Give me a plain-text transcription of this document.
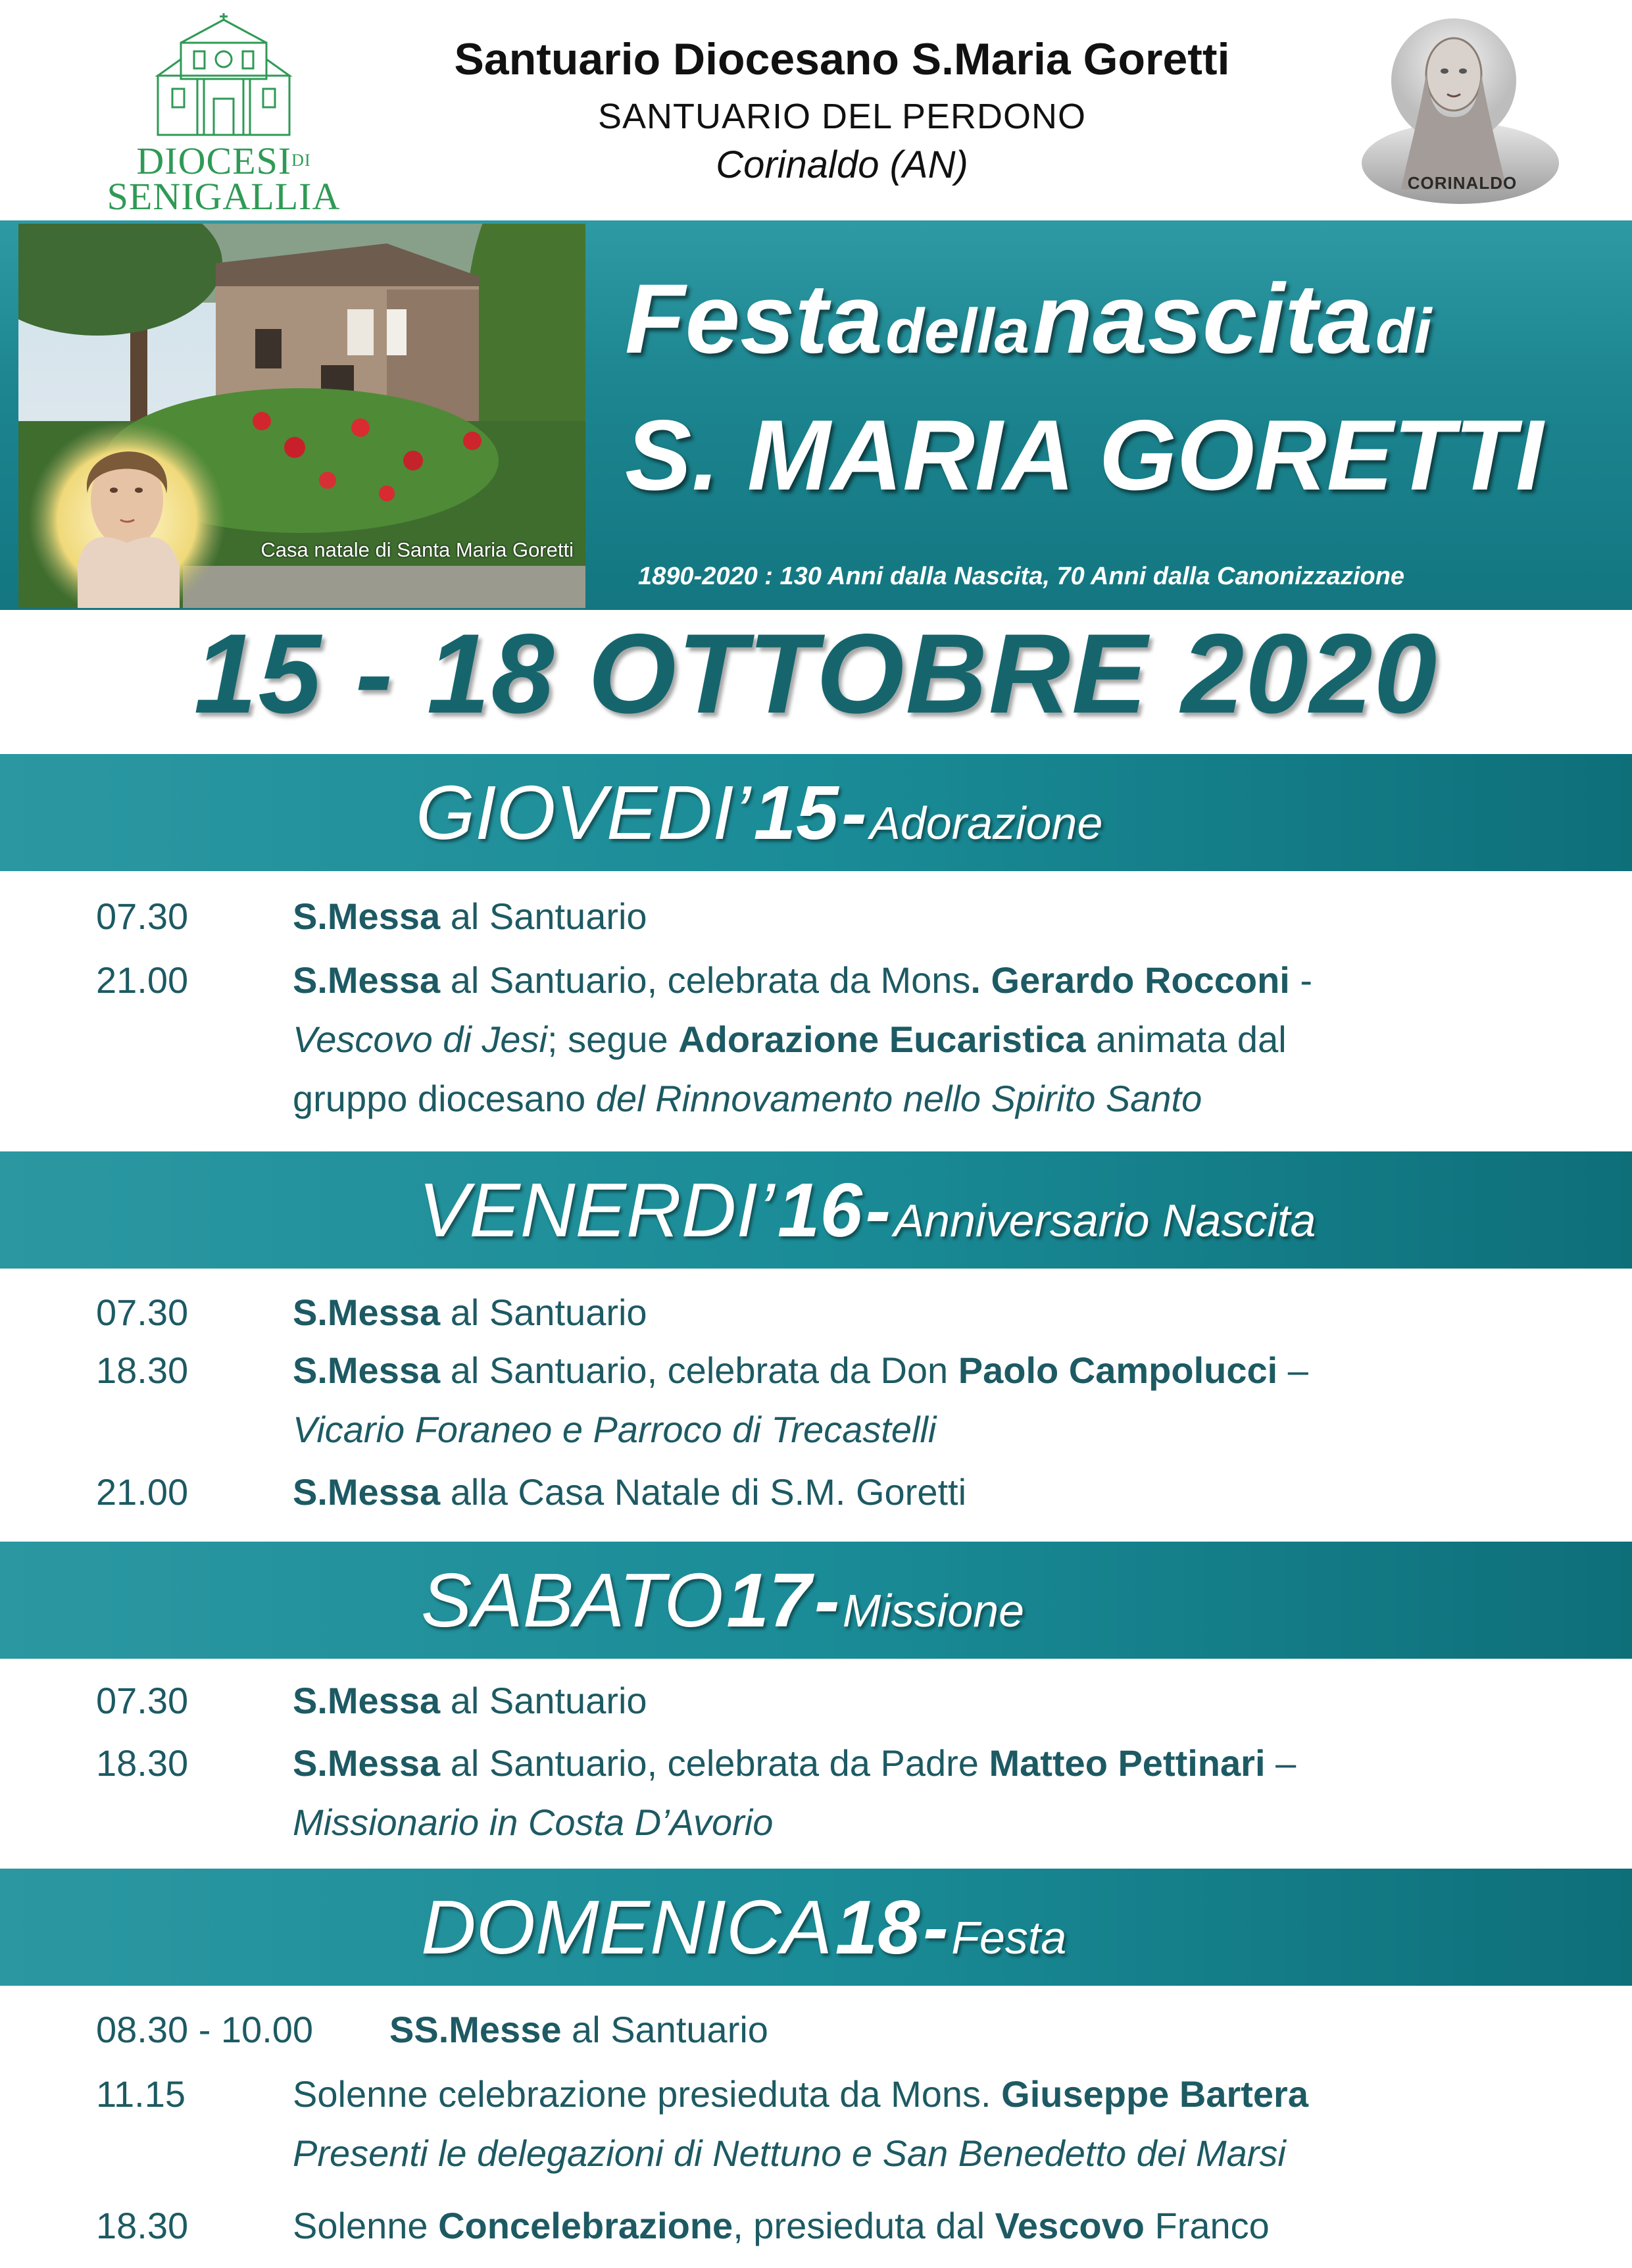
$DIOCESI^{DI}$
SENIGALLIA
Santuario Diocesano S.Maria Goretti
SANTUARIO DEL PERDONO
Corinaldo (AN)	CORINALDO
Casa natale di Santa Maria Goretti
Festa della nascita di
S. MARIA GORETTI
1890-2020 : 130 Anni dalla Nascita, 70 Anni dalla Canonizzazione
15 - 18 OTTOBRE 2020
GIOVEDI’ 15 - Adorazione
07.30	S.Messa al Santuario
21.00	S.Messa al Santuario, celebrata da Mons. Gerardo Rocconi -
Vescovo di Jesi; segue Adorazione Eucaristica animata dal
gruppo diocesano del Rinnovamento nello Spirito Santo
VENERDI’ 16 - Anniversario Nascita
07.30	S.Messa al Santuario
18.30	S.Messa al Santuario, celebrata da Don Paolo Campolucci –
Vicario Foraneo e Parroco di Trecastelli
21.00	S.Messa alla Casa Natale di S.M. Goretti
SABATO 17 - Missione
07.30	S.Messa al Santuario
18.30	S.Messa al Santuario, celebrata da Padre Matteo Pettinari –
Missionario in Costa D’Avorio
DOMENICA 18 - Festa
08.30 - 10.00 SS.Messe al Santuario
11.15	Solenne celebrazione presieduta da Mons. Giuseppe Bartera
Presenti le delegazioni di Nettuno e San Benedetto dei Marsi
18.30	Solenne Concelebrazione, presieduta dal Vescovo Franco
